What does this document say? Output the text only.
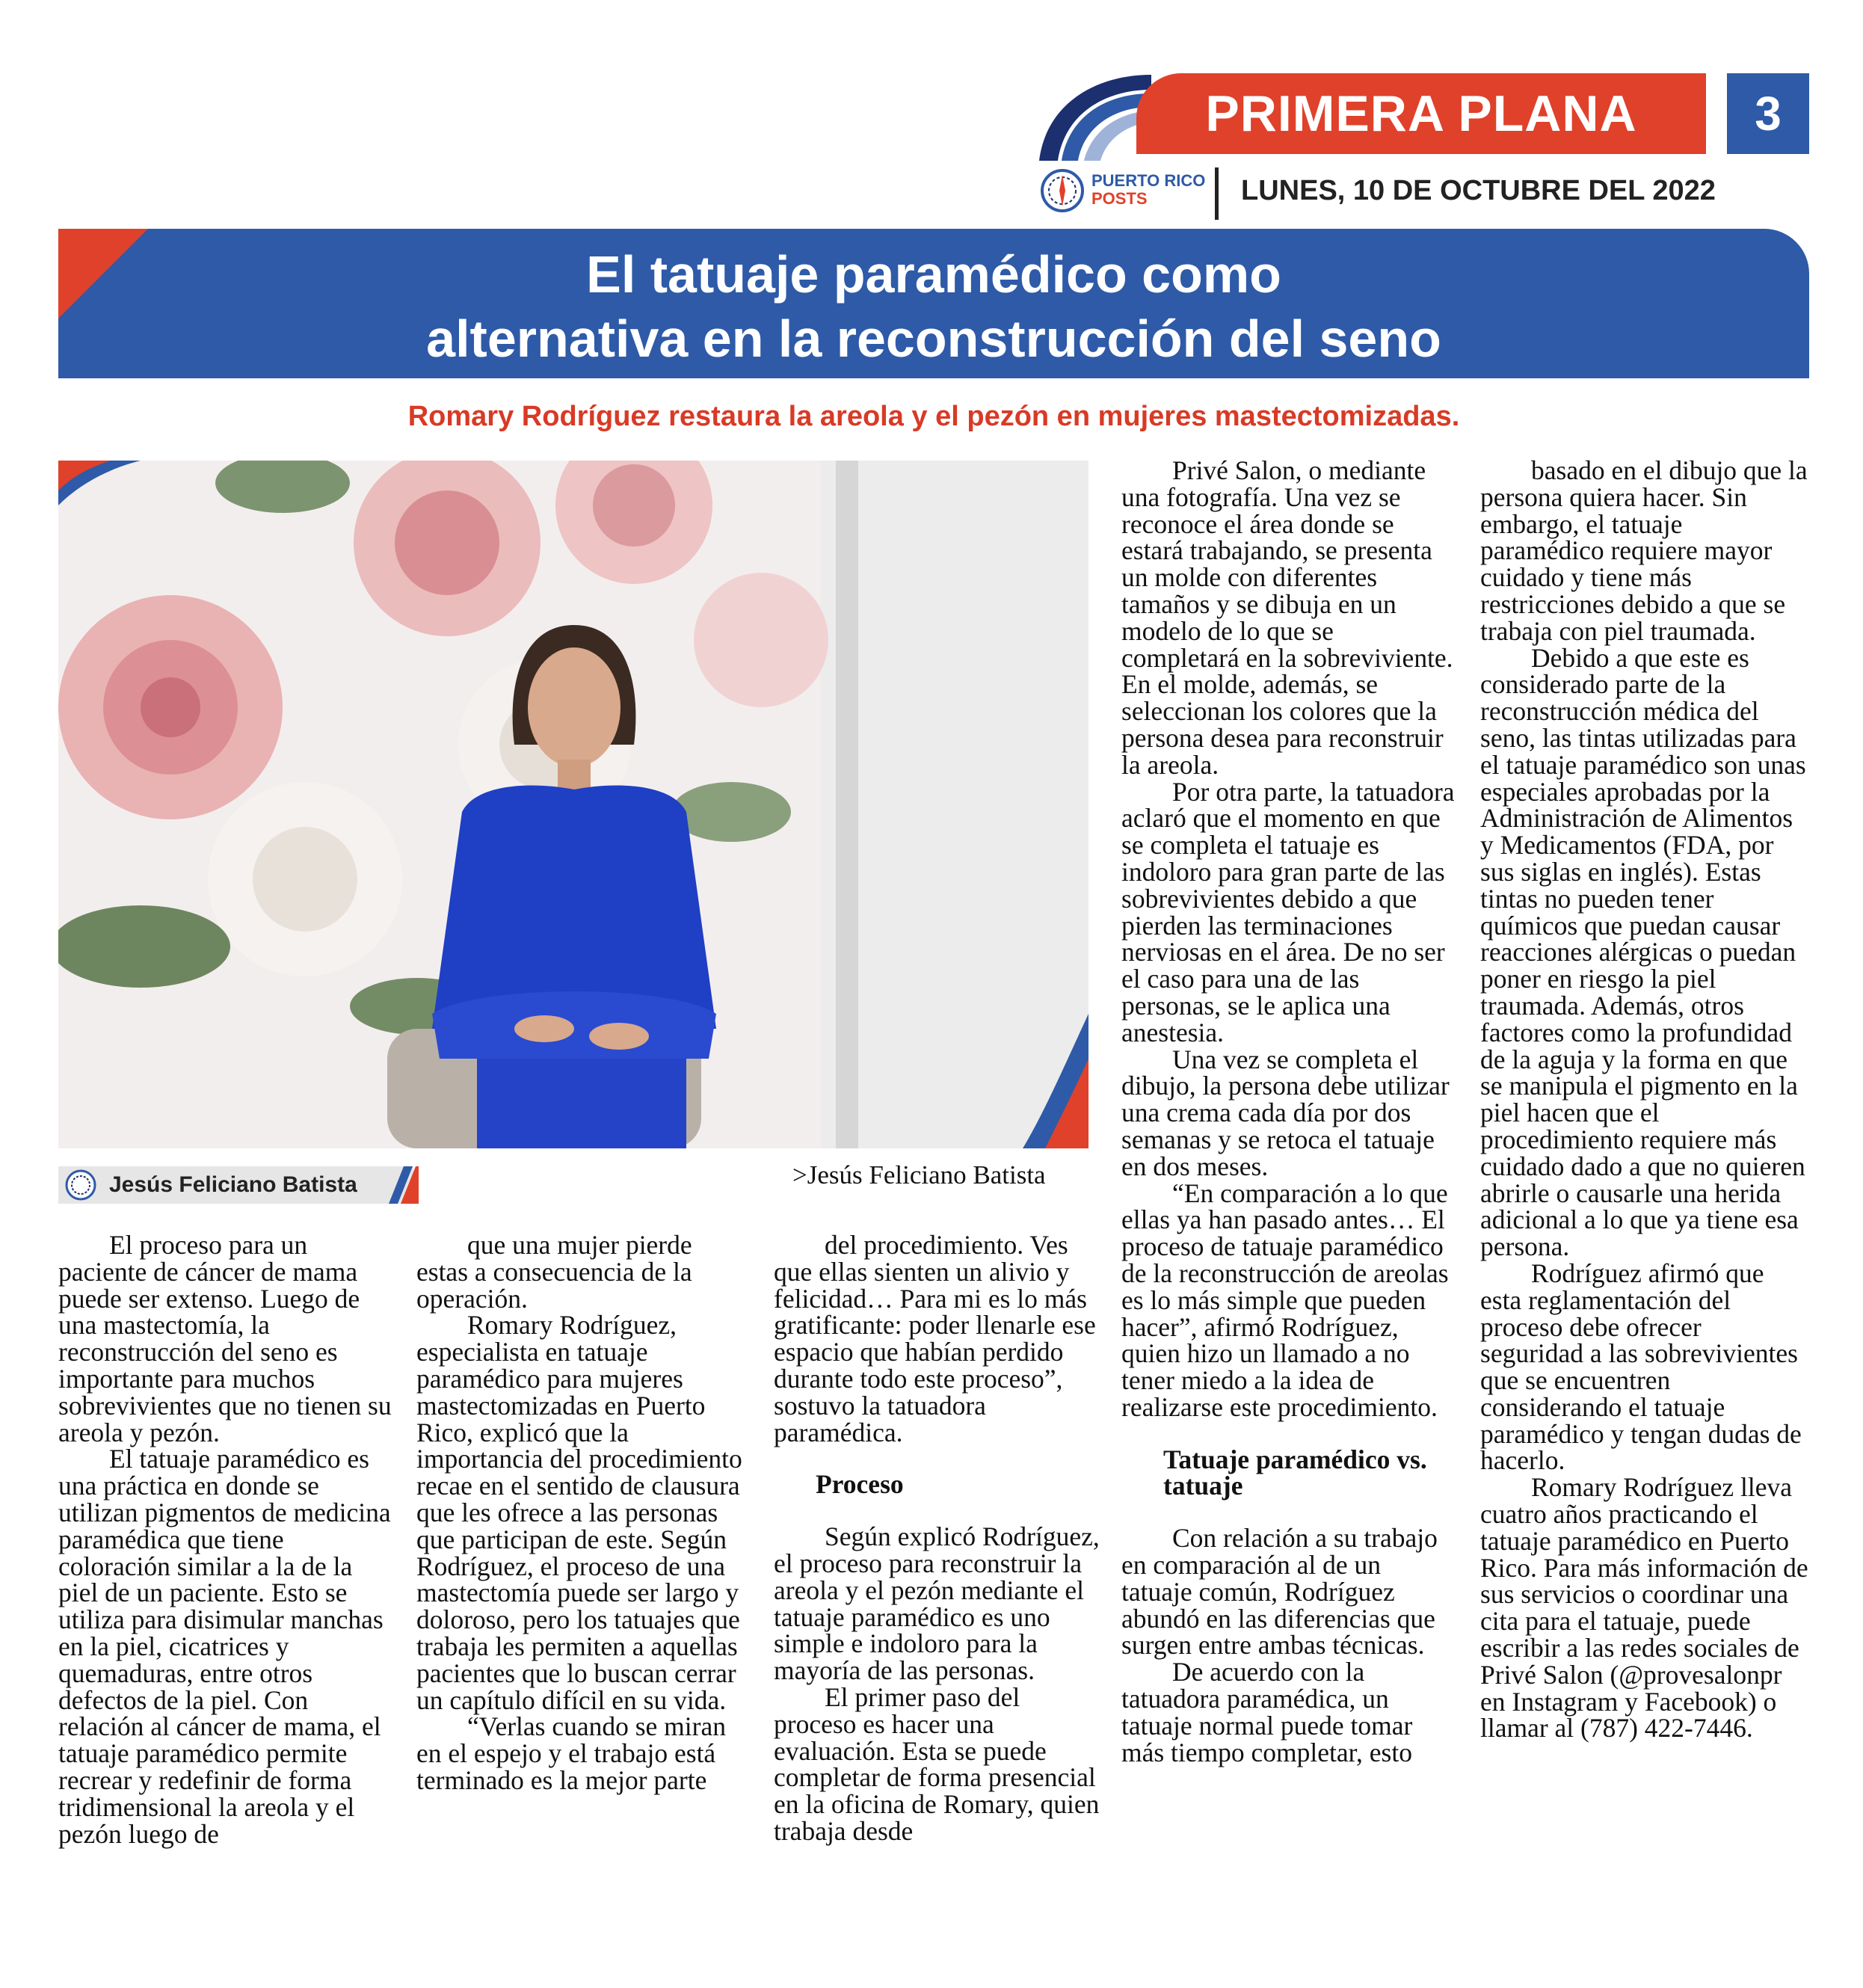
PRIMERA PLANA	3
PUERTO RICO
POSTS	LUNES, 10 DE OCTUBRE DEL 2022
El tatuaje paramédico como
alternativa en la reconstrucción del seno
Romary Rodríguez restaura la areola y el pezón en mujeres mastectomizadas.
Jesús Feliciano Batista	>Jesús Feliciano Batista

El proceso para un paciente de cáncer de mama puede ser extenso. Luego de una mastectomía, la reconstrucción del seno es importante para muchos sobrevivientes que no tienen su areola y pezón.

El tatuaje paramédico es una práctica en donde se utilizan pigmentos de medicina paramédica que tiene coloración similar a la de la piel de un paciente. Esto se utiliza para disimular manchas en la piel, cicatrices y quemaduras, entre otros defectos de la piel. Con relación al cáncer de mama, el tatuaje paramédico permite recrear y redefinir de forma tridimensional la areola y el pezón luego de

que una mujer pierde estas a consecuencia de la operación.

Romary Rodríguez, especialista en tatuaje paramédico para mujeres mastectomizadas en Puerto Rico, explicó que la importancia del procedimiento recae en el sentido de clausura que les ofrece a las personas que participan de este. Según Rodríguez, el proceso de una mastectomía puede ser largo y doloroso, pero los tatuajes que trabaja les permiten a aquellas pacientes que lo buscan cerrar un capítulo difícil en su vida.

“Verlas cuando se miran en el espejo y el trabajo está terminado es la mejor parte

del procedimiento. Ves que ellas sienten un alivio y felicidad… Para mi es lo más gratificante: poder llenarle ese espacio que habían perdido durante todo este proceso”, sostuvo la tatuadora paramédica.

Proceso

Según explicó Rodríguez, el proceso para reconstruir la areola y el pezón mediante el tatuaje paramédico es uno simple e indoloro para la mayoría de las personas.

El primer paso del proceso es hacer una evaluación. Esta se puede completar de forma presencial en la oficina de Romary, quien trabaja desde

Privé Salon, o mediante una fotografía. Una vez se reconoce el área donde se estará trabajando, se presenta un molde con diferentes tamaños y se dibuja en un modelo de lo que se completará en la sobreviviente. En el molde, además, se seleccionan los colores que la persona desea para reconstruir la areola.

Por otra parte, la tatuadora aclaró que el momento en que se completa el tatuaje es indoloro para gran parte de las sobrevivientes debido a que pierden las terminaciones nerviosas en el área. De no ser el caso para una de las personas, se le aplica una anestesia.

Una vez se completa el dibujo, la persona debe utilizar una crema cada día por dos semanas y se retoca el tatuaje en dos meses.

“En comparación a lo que ellas ya han pasado antes… El proceso de tatuaje paramédico de la reconstrucción de areolas es lo más simple que pueden hacer”, afirmó Rodríguez, quien hizo un llamado a no tener miedo a la idea de realizarse este procedimiento.

Tatuaje paramédico vs. tatuaje

Con relación a su trabajo en comparación al de un tatuaje común, Rodríguez abundó en las diferencias que surgen entre ambas técnicas.

De acuerdo con la tatuadora paramédica, un tatuaje normal puede tomar más tiempo completar, esto

basado en el dibujo que la persona quiera hacer. Sin embargo, el tatuaje paramédico requiere mayor cuidado y tiene más restricciones debido a que se trabaja con piel traumada.

Debido a que este es considerado parte de la reconstrucción médica del seno, las tintas utilizadas para el tatuaje paramédico son unas especiales aprobadas por la Administración de Alimentos y Medicamentos (FDA, por sus siglas en inglés). Estas tintas no pueden tener químicos que puedan causar reacciones alérgicas o puedan poner en riesgo la piel traumada. Además, otros factores como la profundidad de la aguja y la forma en que se manipula el pigmento en la piel hacen que el procedimiento requiere más cuidado dado a que no quieren abrirle o causarle una herida adicional a lo que ya tiene esa persona.

Rodríguez afirmó que esta reglamentación del proceso debe ofrecer seguridad a las sobrevivientes que se encuentren considerando el tatuaje paramédico y tengan dudas de hacerlo.

Romary Rodríguez lleva cuatro años practicando el tatuaje paramédico en Puerto Rico. Para más información de sus servicios o coordinar una cita para el tatuaje, puede escribir a las redes sociales de Privé Salon (@provesalonpr en Instagram y Facebook) o llamar al (787) 422-7446.
